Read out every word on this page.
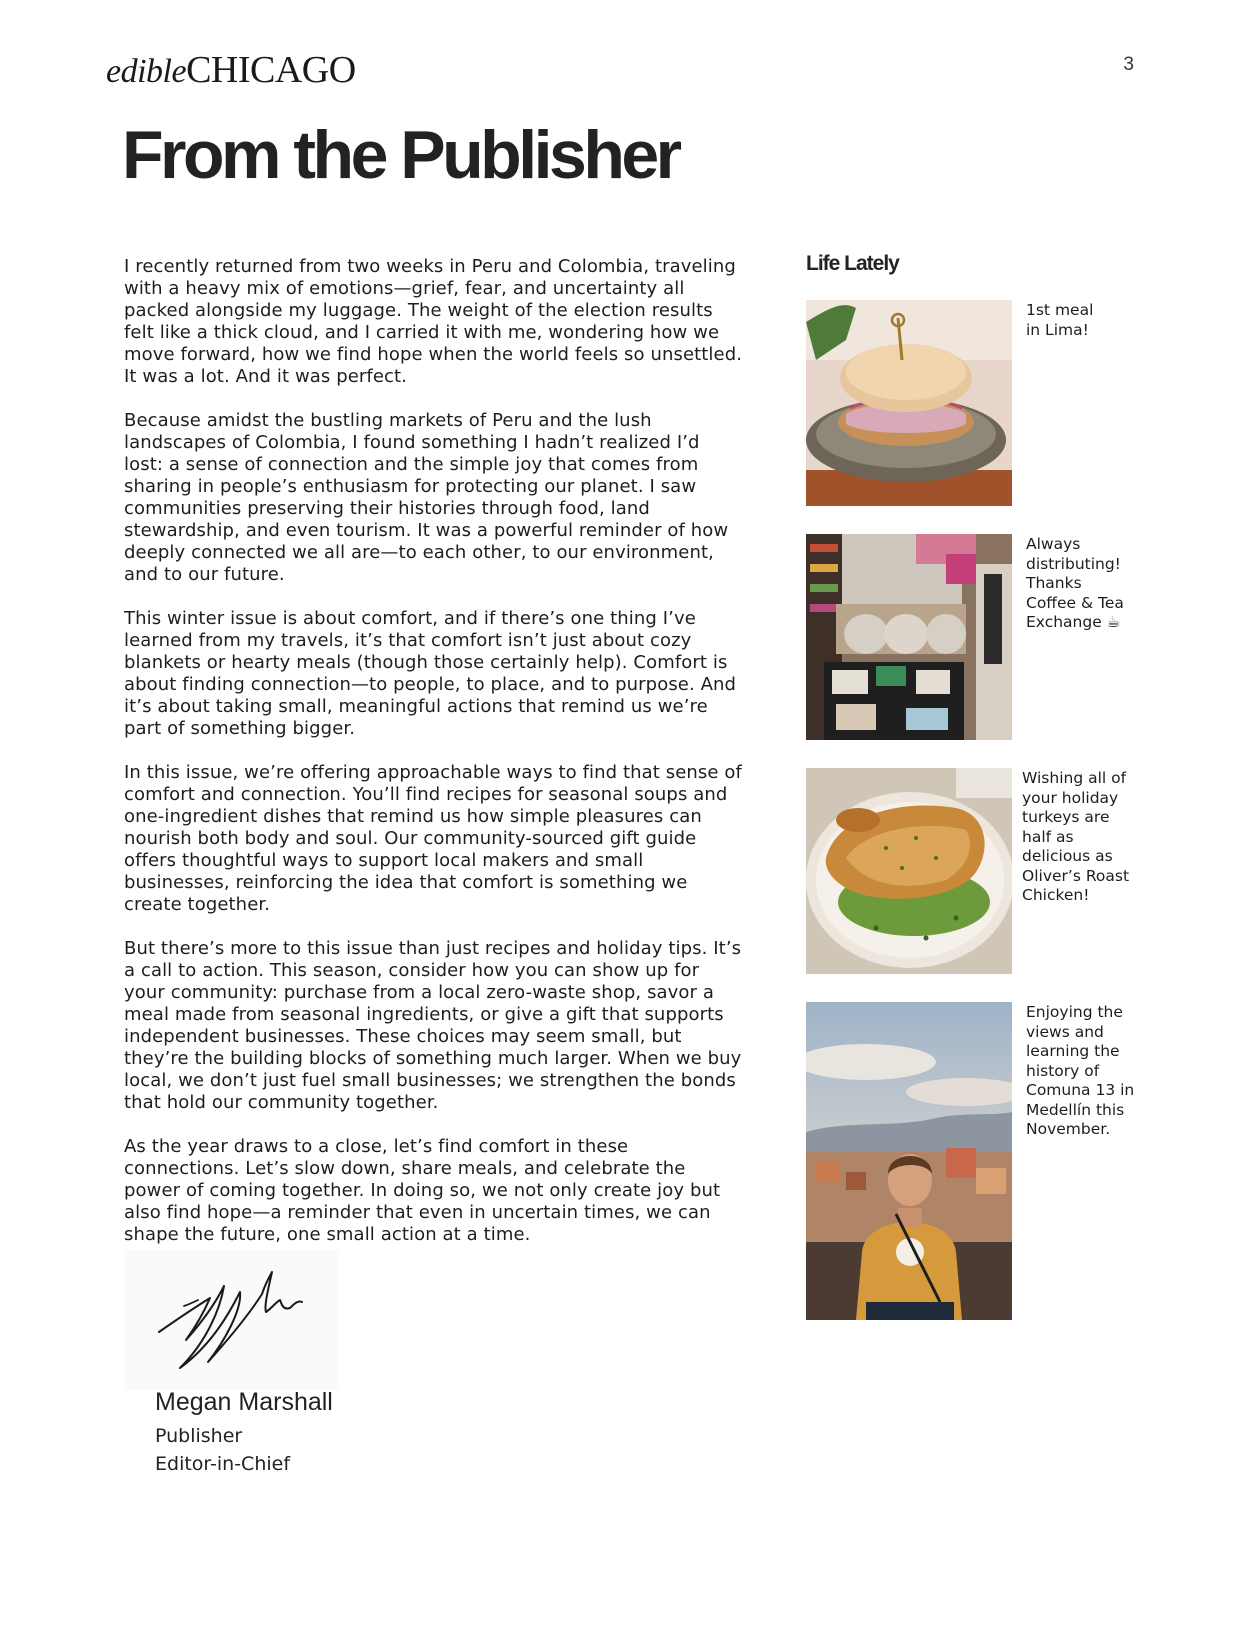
edibleCHICAGO	3
From the Publisher

I recently returned from two weeks in Peru and Colombia, traveling with a heavy mix of emotions—grief, fear, and uncertainty all packed alongside my luggage. The weight of the election results felt like a thick cloud, and I carried it with me, wondering how we move forward, how we find hope when the world feels so unsettled. It was a lot. And it was perfect.

Because amidst the bustling markets of Peru and the lush landscapes of Colombia, I found something I hadn’t realized I’d lost: a sense of connection and the simple joy that comes from sharing in people’s enthusiasm for protecting our planet. I saw communities preserving their histories through food, land stewardship, and even tourism. It was a powerful reminder of how deeply connected we all are—to each other, to our environment, and to our future.

This winter issue is about comfort, and if there’s one thing I’ve learned from my travels, it’s that comfort isn’t just about cozy blankets or hearty meals (though those certainly help). Comfort is about finding connection—to people, to place, and to purpose. And it’s about taking small, meaningful actions that remind us we’re part of something bigger.

In this issue, we’re offering approachable ways to find that sense of comfort and connection. You’ll find recipes for seasonal soups and one-ingredient dishes that remind us how simple pleasures can nourish both body and soul. Our community-sourced gift guide offers thoughtful ways to support local makers and small businesses, reinforcing the idea that comfort is something we create together.

But there’s more to this issue than just recipes and holiday tips. It’s a call to action. This season, consider how you can show up for your community: purchase from a local zero-waste shop, savor a meal made from seasonal ingredients, or give a gift that supports independent businesses. These choices may seem small, but they’re the building blocks of something much larger. When we buy local, we don’t just fuel small businesses; we strengthen the bonds that hold our community together.

As the year draws to a close, let’s find comfort in these connections. Let’s slow down, share meals, and celebrate the power of coming together. In doing so, we not only create joy but also find hope—a reminder that even in uncertain times, we can shape the future, one small action at a time.

Megan Marshall
Publisher
Editor-in-Chief
Life Lately
1st meal
in Lima!
Always
distributing!
Thanks
Coffee & Tea
Exchange ☕
Wishing all of
your holiday
turkeys are
half as
delicious as
Oliver’s Roast
Chicken!
Enjoying the
views and
learning the
history of
Comuna 13 in
Medellín this
November.
